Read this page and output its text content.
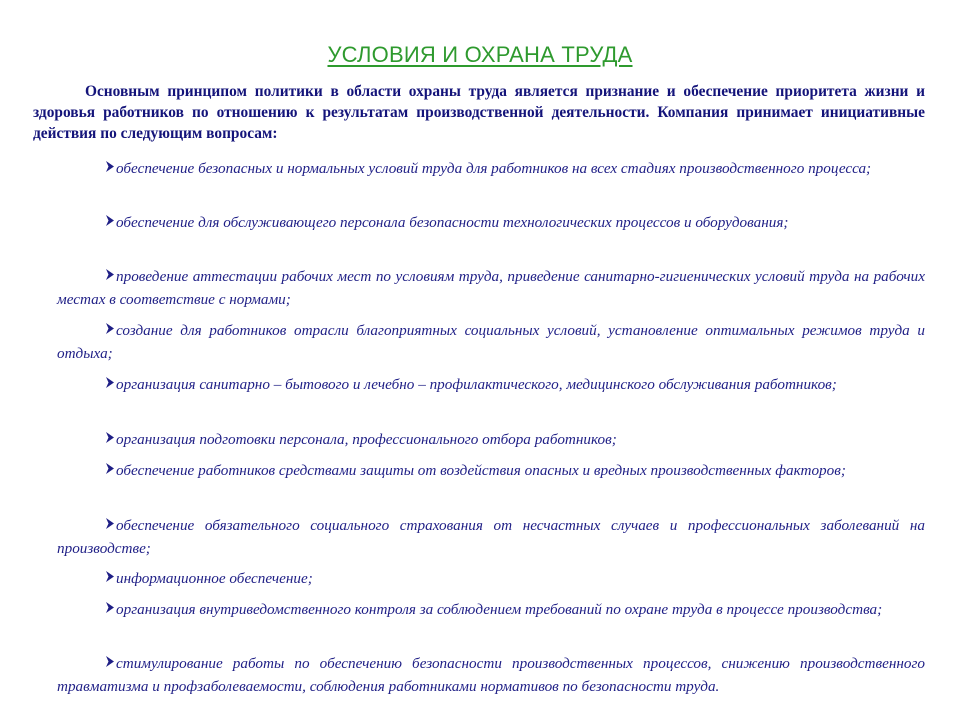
УСЛОВИЯ И ОХРАНА ТРУДА
Основным принципом политики в области охраны труда является признание и обеспечение приоритета жизни и здоровья работников по отношению к результатам производственной деятельности. Компания принимает инициативные действия по следующим вопросам:
обеспечение безопасных и нормальных условий труда для работников на всех стадиях производственного процесса;
обеспечение для обслуживающего персонала безопасности технологических процессов и оборудования;
проведение аттестации рабочих мест по условиям труда, приведение санитарно-гигиенических условий труда на рабочих местах в соответствие с нормами;
создание для работников отрасли благоприятных социальных условий, установление оптимальных режимов труда и отдыха;
организация санитарно – бытового и лечебно – профилактического, медицинского обслуживания работников;
организация подготовки персонала, профессионального отбора работников;
обеспечение работников средствами защиты от воздействия опасных и вредных производственных факторов;
обеспечение обязательного социального страхования от несчастных случаев и профессиональных заболеваний на производстве;
информационное обеспечение;
организация внутриведомственного контроля за соблюдением требований по охране труда в процессе производства;
стимулирование работы по обеспечению безопасности производственных процессов, снижению производственного травматизма и профзаболеваемости, соблюдения работниками нормативов по безопасности труда.
